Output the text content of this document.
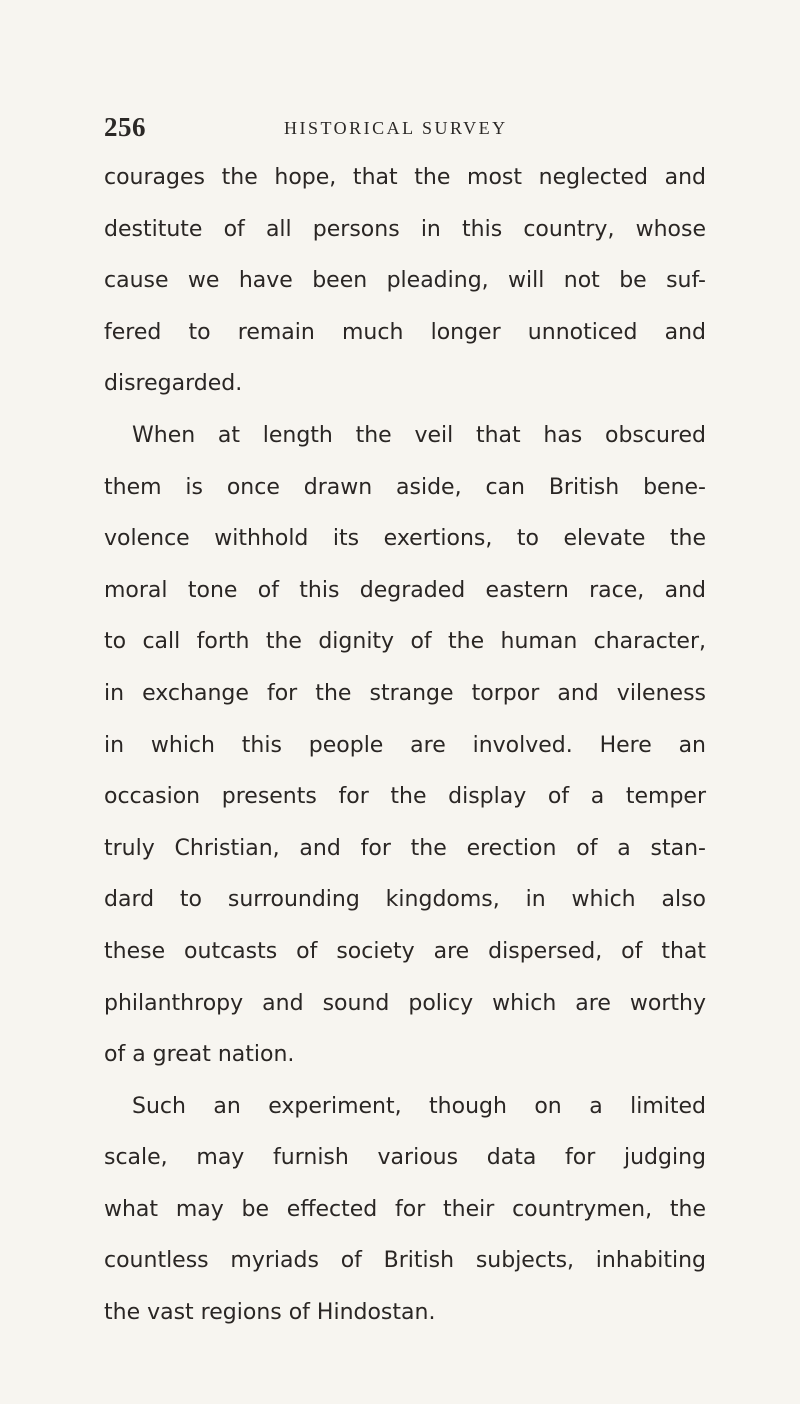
256	HISTORICAL SURVEY
courages the hope, that the most neglected and
destitute of all persons in this country, whose
cause we have been pleading, will not be suf-
fered to remain much longer unnoticed and
disregarded.
When at length the veil that has obscured
them is once drawn aside, can British bene-
volence withhold its exertions, to elevate the
moral tone of this degraded eastern race, and
to call forth the dignity of the human character,
in exchange for the strange torpor and vileness
in which this people are involved. Here an
occasion presents for the display of a temper
truly Christian, and for the erection of a stan-
dard to surrounding kingdoms, in which also
these outcasts of society are dispersed, of that
philanthropy and sound policy which are worthy
of a great nation.
Such an experiment, though on a limited
scale, may furnish various data for judging
what may be effected for their countrymen, the
countless myriads of British subjects, inhabiting
the vast regions of Hindostan.
